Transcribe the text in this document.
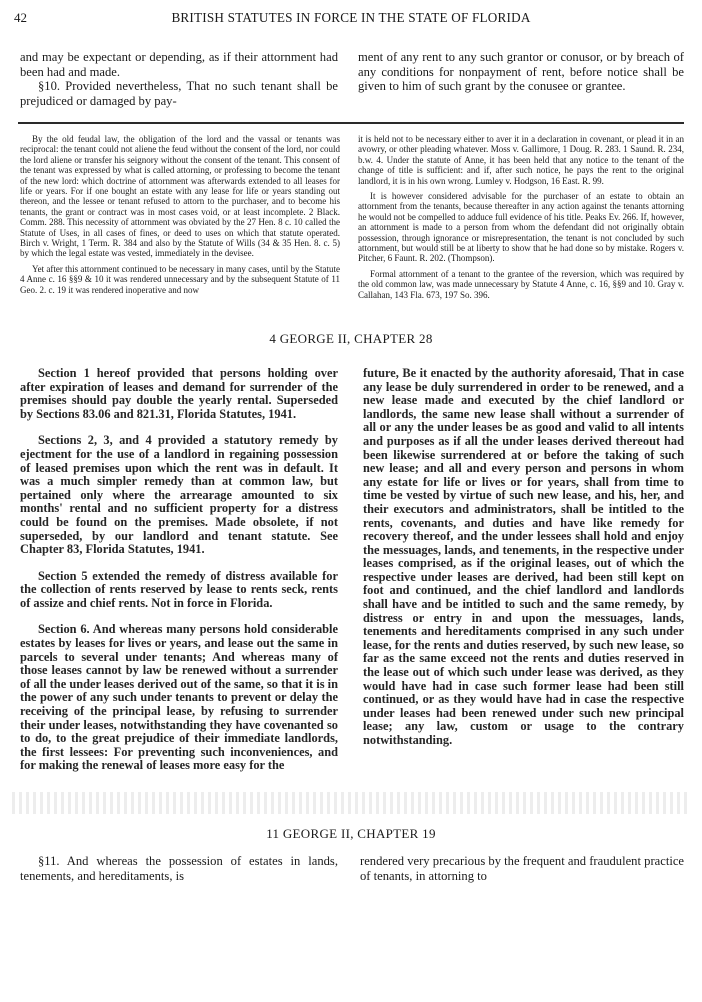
42	BRITISH STATUTES IN FORCE IN THE STATE OF FLORIDA

and may be expectant or depending, as if their attornment had been had and made.

§10. Provided nevertheless, That no such tenant shall be prejudiced or damaged by pay-

ment of any rent to any such grantor or conusor, or by breach of any conditions for nonpayment of rent, before notice shall be given to him of such grant by the conusee or grantee.

By the old feudal law, the obligation of the lord and the vassal or tenants was reciprocal: the tenant could not aliene the feud without the consent of the lord, nor could the lord aliene or transfer his seignory without the consent of the tenant. This consent of the tenant was expressed by what is called attorning, or professing to become the tenant of the new lord: which doctrine of attornment was afterwards extended to all leases for life or years. For if one bought an estate with any lease for life or years standing out thereon, and the lessee or tenant refused to attorn to the purchaser, and to become his tenants, the grant or contract was in most cases void, or at least incomplete. 2 Black. Comm. 288. This necessity of attornment was obviated by the 27 Hen. 8 c. 10 called the Statute of Uses, in all cases of fines, or deed to uses on which that statute operated. Birch v. Wright, 1 Term. R. 384 and also by the Statute of Wills (34 & 35 Hen. 8. c. 5) by which the legal estate was vested, immediately in the devisee.

Yet after this attornment continued to be necessary in many cases, until by the Statute 4 Anne c. 16 §§9 & 10 it was rendered unnecessary and by the subsequent Statute of 11 Geo. 2. c. 19 it was rendered inoperative and now

it is held not to be necessary either to aver it in a declaration in covenant, or plead it in an avowry, or other pleading whatever. Moss v. Gallimore, 1 Doug. R. 283. 1 Saund. R. 234, b.w. 4. Under the statute of Anne, it has been held that any notice to the tenant of the change of title is sufficient: and if, after such notice, he pays the rent to the original landlord, it is in his own wrong. Lumley v. Hodgson, 16 East. R. 99.

It is however considered advisable for the purchaser of an estate to obtain an attornment from the tenants, because thereafter in any action against the tenants attorning he would not be compelled to adduce full evidence of his title. Peaks Ev. 266. If, however, an attornment is made to a person from whom the defendant did not originally obtain possession, through ignorance or misrepresentation, the tenant is not concluded by such attornment, but would still be at liberty to show that he had done so by mistake. Rogers v. Pitcher, 6 Faunt. R. 202. (Thompson).

Formal attornment of a tenant to the grantee of the reversion, which was required by the old common law, was made unnecessary by Statute 4 Anne, c. 16, §§9 and 10. Gray v. Callahan, 143 Fla. 673, 197 So. 396.

4 GEORGE II, CHAPTER 28

Section 1 hereof provided that persons holding over after expiration of leases and demand for surrender of the premises should pay double the yearly rental. Superseded by Sections 83.06 and 821.31, Florida Statutes, 1941.

Sections 2, 3, and 4 provided a statutory remedy by ejectment for the use of a landlord in regaining possession of leased premises upon which the rent was in default. It was a much simpler remedy than at common law, but pertained only where the arrearage amounted to six months' rental and no sufficient property for a distress could be found on the premises. Made obsolete, if not superseded, by our landlord and tenant statute. See Chapter 83, Florida Statutes, 1941.

Section 5 extended the remedy of distress available for the collection of rents reserved by lease to rents seck, rents of assize and chief rents. Not in force in Florida.

Section 6. And whereas many persons hold considerable estates by leases for lives or years, and lease out the same in parcels to several under tenants; And whereas many of those leases cannot by law be renewed without a surrender of all the under leases derived out of the same, so that it is in the power of any such under tenants to prevent or delay the receiving of the principal lease, by refusing to surrender their under leases, notwithstanding they have covenanted so to do, to the great prejudice of their immediate landlords, the first lessees: For preventing such inconveniences, and for making the renewal of leases more easy for the

future, Be it enacted by the authority aforesaid, That in case any lease be duly surrendered in order to be renewed, and a new lease made and executed by the chief landlord or landlords, the same new lease shall without a surrender of all or any the under leases be as good and valid to all intents and purposes as if all the under leases derived thereout had been likewise surrendered at or before the taking of such new lease; and all and every person and persons in whom any estate for life or lives or for years, shall from time to time be vested by virtue of such new lease, and his, her, and their executors and administrators, shall be intitled to the rents, covenants, and duties and have like remedy for recovery thereof, and the under lessees shall hold and enjoy the messuages, lands, and tenements, in the respective under leases comprised, as if the original leases, out of which the respective under leases are derived, had been still kept on foot and continued, and the chief landlord and landlords shall have and be intitled to such and the same remedy, by distress or entry in and upon the messuages, lands, tenements and hereditaments comprised in any such under lease, for the rents and duties reserved, by such new lease, so far as the same exceed not the rents and duties reserved in the lease out of which such under lease was derived, as they would have had in case such former lease had been still continued, or as they would have had in case the respective under leases had been renewed under such new principal lease; any law, custom or usage to the contrary notwithstanding.

11 GEORGE II, CHAPTER 19

§11. And whereas the possession of estates in lands, tenements, and hereditaments, is

rendered very precarious by the frequent and fraudulent practice of tenants, in attorning to
